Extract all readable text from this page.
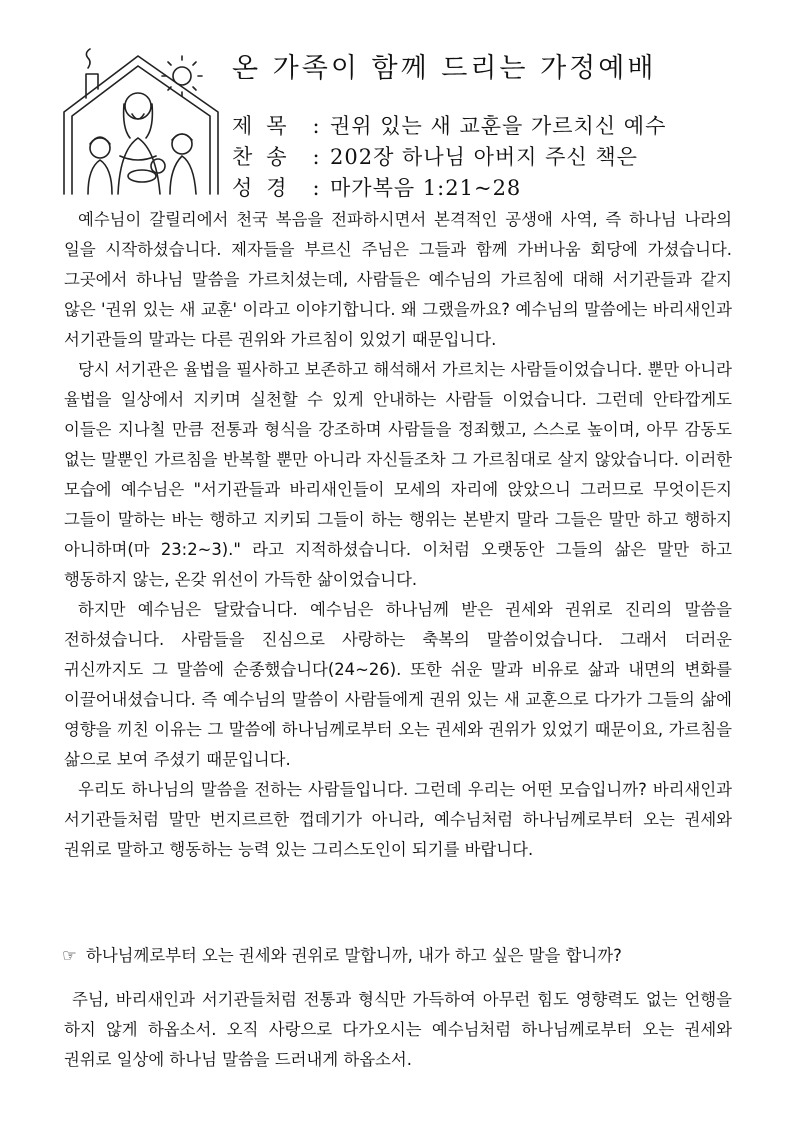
온 가족이 함께 드리는 가정예배
제목 : 권위 있는 새 교훈을 가르치신 예수
찬송 : 202장 하나님 아버지 주신 책은
성경 : 마가복음 1:21~28

예수님이 갈릴리에서 천국 복음을 전파하시면서 본격적인 공생애 사역, 즉 하나님 나라의 일을 시작하셨습니다. 제자들을 부르신 주님은 그들과 함께 가버나움 회당에 가셨습니다. 그곳에서 하나님 말씀을 가르치셨는데, 사람들은 예수님의 가르침에 대해 서기관들과 같지 않은 '권위 있는 새 교훈' 이라고 이야기합니다. 왜 그랬을까요? 예수님의 말씀에는 바리새인과 서기관들의 말과는 다른 권위와 가르침이 있었기 때문입니다.

당시 서기관은 율법을 필사하고 보존하고 해석해서 가르치는 사람들이었습니다. 뿐만 아니라 율법을 일상에서 지키며 실천할 수 있게 안내하는 사람들 이었습니다. 그런데 안타깝게도 이들은 지나칠 만큼 전통과 형식을 강조하며 사람들을 정죄했고, 스스로 높이며, 아무 감동도 없는 말뿐인 가르침을 반복할 뿐만 아니라 자신들조차 그 가르침대로 살지 않았습니다. 이러한 모습에 예수님은 "서기관들과 바리새인들이 모세의 자리에 앉았으니 그러므로 무엇이든지 그들이 말하는 바는 행하고 지키되 그들이 하는 행위는 본받지 말라 그들은 말만 하고 행하지 아니하며(마 23:2~3)." 라고 지적하셨습니다. 이처럼 오랫동안 그들의 삶은 말만 하고 행동하지 않는, 온갖 위선이 가득한 삶이었습니다.

하지만 예수님은 달랐습니다. 예수님은 하나님께 받은 권세와 권위로 진리의 말씀을 전하셨습니다. 사람들을 진심으로 사랑하는 축복의 말씀이었습니다. 그래서 더러운 귀신까지도 그 말씀에 순종했습니다(24~26). 또한 쉬운 말과 비유로 삶과 내면의 변화를 이끌어내셨습니다. 즉 예수님의 말씀이 사람들에게 권위 있는 새 교훈으로 다가가 그들의 삶에 영향을 끼친 이유는 그 말씀에 하나님께로부터 오는 권세와 권위가 있었기 때문이요, 가르침을 삶으로 보여 주셨기 때문입니다.

우리도 하나님의 말씀을 전하는 사람들입니다. 그런데 우리는 어떤 모습입니까? 바리새인과 서기관들처럼 말만 번지르르한 껍데기가 아니라, 예수님처럼 하나님께로부터 오는 권세와 권위로 말하고 행동하는 능력 있는 그리스도인이 되기를 바랍니다.

☞ 하나님께로부터 오는 권세와 권위로 말합니까, 내가 하고 싶은 말을 합니까?

주님, 바리새인과 서기관들처럼 전통과 형식만 가득하여 아무런 힘도 영향력도 없는 언행을 하지 않게 하옵소서. 오직 사랑으로 다가오시는 예수님처럼 하나님께로부터 오는 권세와 권위로 일상에 하나님 말씀을 드러내게 하옵소서.
